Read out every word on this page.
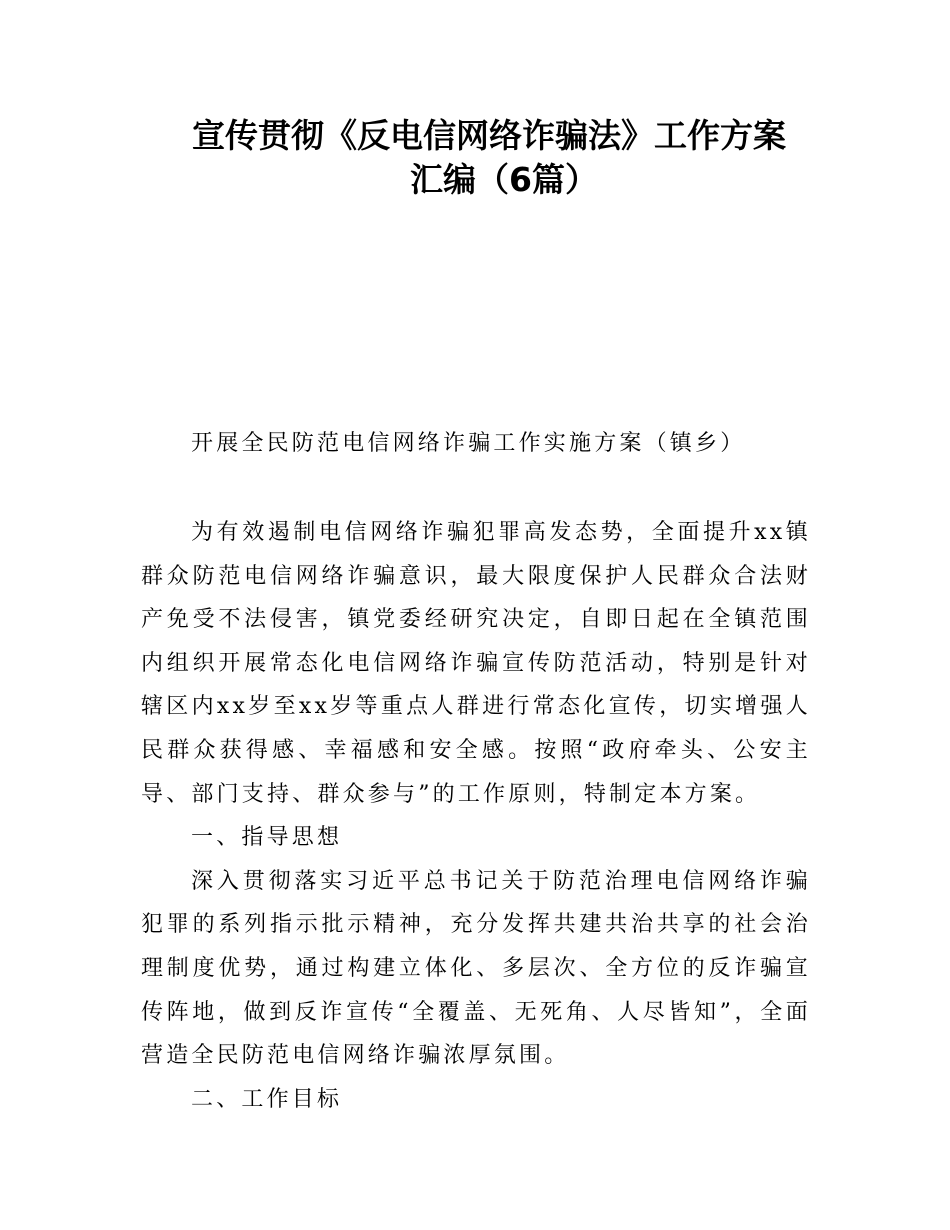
宣传贯彻《反电信网络诈骗法》工作方案
汇编（6篇）
开展全民防范电信网络诈骗工作实施方案（镇乡）

为有效遏制电信网络诈骗犯罪高发态势，全面提升xx镇群众防范电信网络诈骗意识，最大限度保护人民群众合法财产免受不法侵害，镇党委经研究决定，自即日起在全镇范围内组织开展常态化电信网络诈骗宣传防范活动，特别是针对辖区内xx岁至xx岁等重点人群进行常态化宣传，切实增强人民群众获得感、幸福感和安全感。按照“政府牵头、公安主导、部门支持、群众参与”的工作原则，特制定本方案。

一、指导思想

深入贯彻落实习近平总书记关于防范治理电信网络诈骗犯罪的系列指示批示精神，充分发挥共建共治共享的社会治理制度优势，通过构建立体化、多层次、全方位的反诈骗宣传阵地，做到反诈宣传“全覆盖、无死角、人尽皆知”，全面营造全民防范电信网络诈骗浓厚氛围。

二、工作目标
